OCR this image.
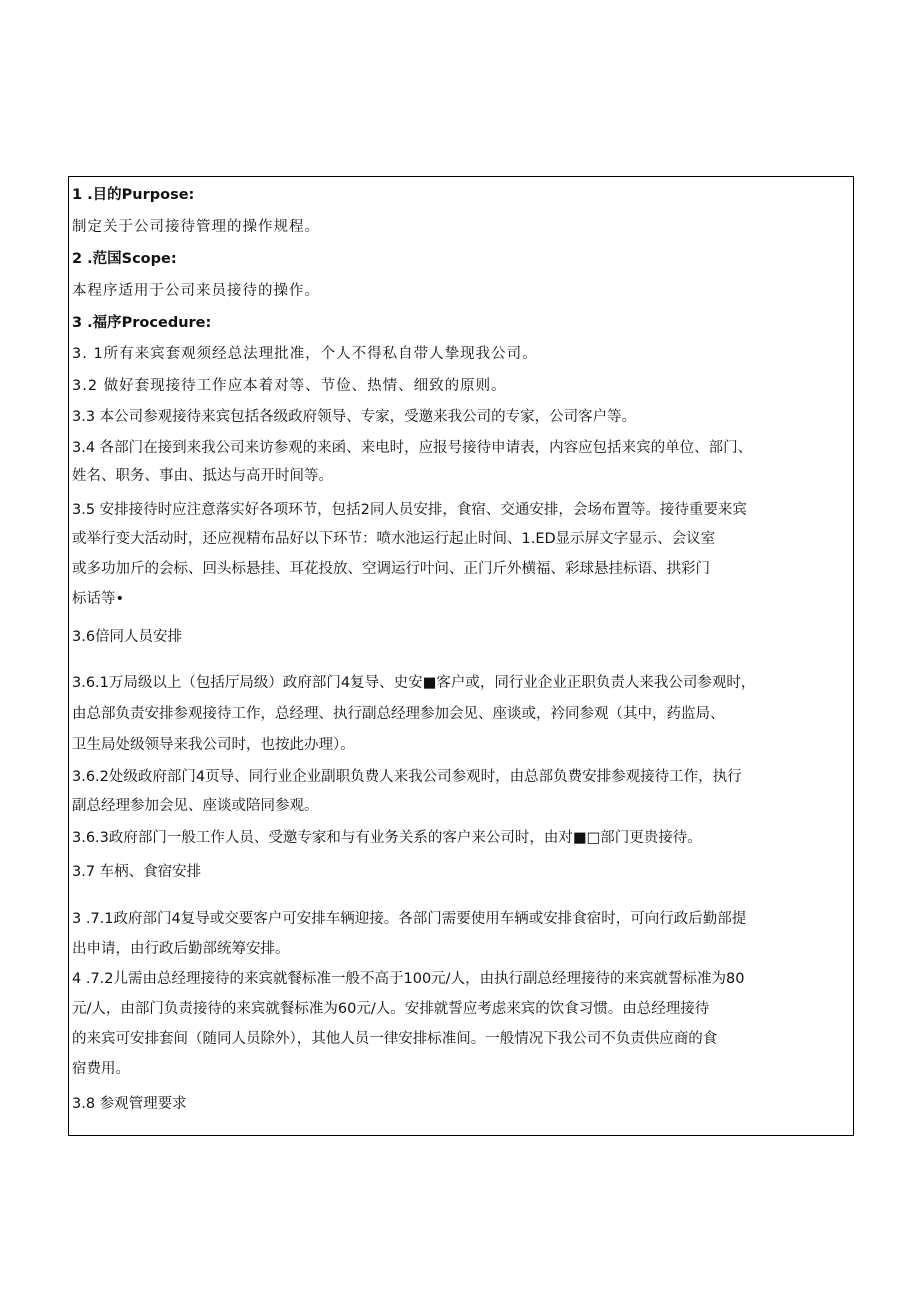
1 .目的Purpose:
制定关于公司接待管理的操作规程。
2 .范国Scope:
本程序适用于公司来员接待的操作。
3 .福序Procedure:
3. 1所有来宾套观须经总法理批准，个人不得私自带人挚现我公司。
3.2 做好套现接待工作应本着对等、节俭、热情、细致的原则。
3.3 本公司参观接待来宾包括各级政府领导、专家，受邀来我公司的专家，公司客户等。
3.4 各部门在接到来我公司来访参观的来函、来电时，应报号接待申请表，内容应包括来宾的单位、部门、
姓名、职务、事由、抵达与高开时间等。
3.5 安排接待时应注意落实好各项环节，包括2同人员安排，食宿、交通安排，会场布置等。接待重要来宾
或举行变大活动时，还应视精布品好以下环节：喷水池运行起止时间、1.ED显示屏文字显示、会议室
或多功加斤的会标、回头标悬挂、耳花投放、空调运行叶问、正门斤外横福、彩球悬挂标语、拱彩门
标话等•
3.6倍同人员安排
3.6.1万局级以上（包括厅局级）政府部门4复导、史安■客户或，同行业企业正职负责人来我公司参观时，
由总部负责安排参观接待工作，总经理、执行副总经理参加会见、座谈或，衿同参观（其中，药监局、
卫生局处级领导来我公司时，也按此办理）。
3.6.2处级政府部门4页导、同行业企业副职负费人来我公司参观时，由总部负费安排参观接待工作，执行
副总经理参加会见、座谈或陪同参观。
3.6.3政府部门一般工作人员、受邀专家和与有业务关系的客户来公司时，由对■□部门更贵接待。
3.7 车柄、食宿安排
3 .7.1政府部门4复导或交要客户可安排车辆迎接。各部门需要使用车辆或安排食宿时，可向行政后勤部提
出申请，由行政后勤部统筹安排。
4 .7.2儿需由总经理接待的来宾就餐标准一般不高于100元/人，由执行副总经理接待的来宾就誓标准为80
元/人，由部门负责接待的来宾就餐标准为60元/人。安排就誓应考虑来宾的饮食习惯。由总经理接待
的来宾可安排套间（随同人员除外），其他人员一律安排标准间。一般情况下我公司不负责供应商的食
宿费用。
3.8 参观管理要求
